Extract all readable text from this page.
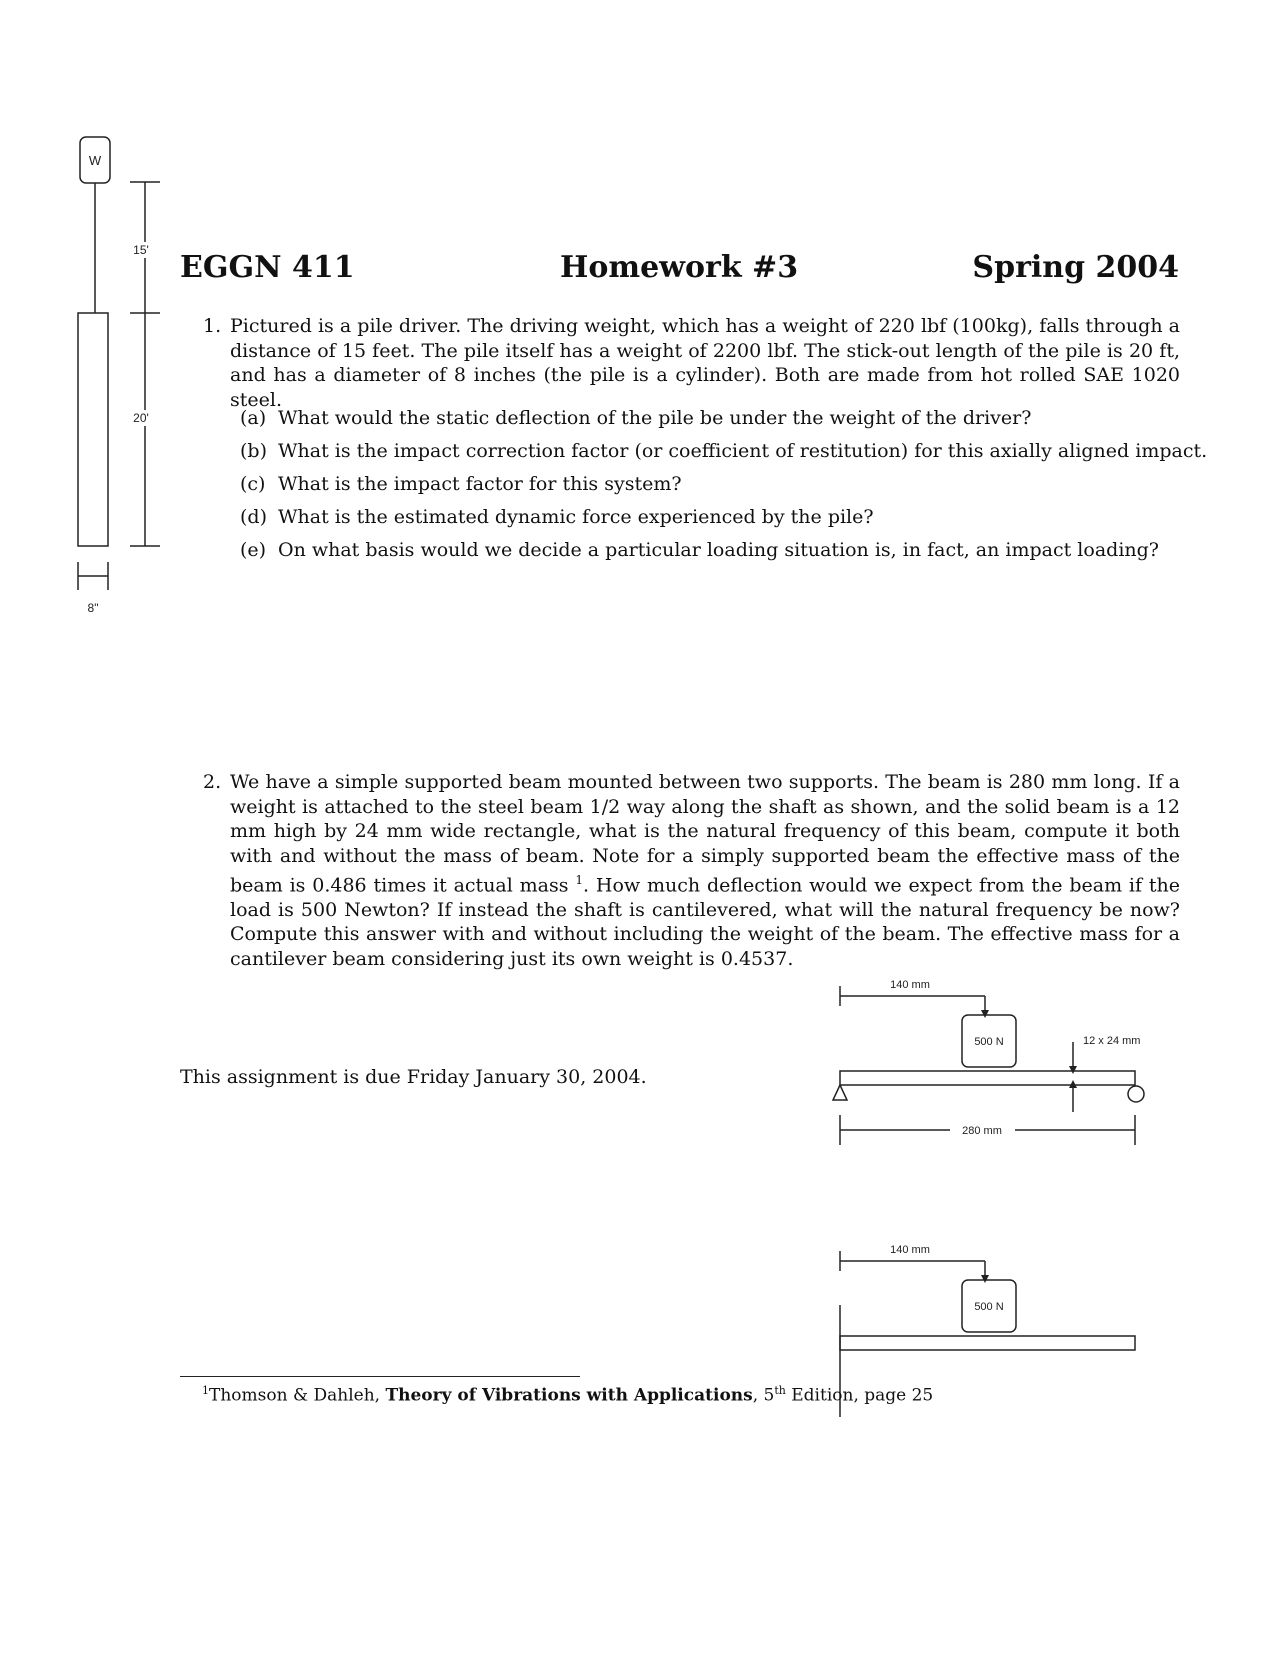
EGGN 411	Homework #3	Spring 2004
W
15'
20'
8"
1. Pictured is a pile driver. The driving weight, which has a weight of 220 lbf (100kg), falls through a distance of 15 feet. The pile itself has a weight of 2200 lbf. The stick-out length of the pile is 20 ft, and has a diameter of 8 inches (the pile is a cylinder). Both are made from hot rolled SAE 1020 steel.
(a) What would the static deflection of the pile be under the weight of the driver?
(b) What is the impact correction factor (or coefficient of restitution) for this axially aligned impact.
(c) What is the impact factor for this system?
(d) What is the estimated dynamic force experienced by the pile?
(e) On what basis would we decide a particular loading situation is, in fact, an impact loading?
2. We have a simple supported beam mounted between two supports. The beam is 280 mm long. If a weight is attached to the steel beam 1/2 way along the shaft as shown, and the solid beam is a 12 mm high by 24 mm wide rectangle, what is the natural frequency of this beam, compute it both with and without the mass of beam. Note for a simply supported beam the effective mass of the beam is 0.486 times it actual mass $^1$. How much deflection would we expect from the beam if the load is 500 Newton? If instead the shaft is cantilevered, what will the natural frequency be now? Compute this answer with and without including the weight of the beam. The effective mass for a cantilever beam considering just its own weight is 0.4537.
This assignment is due Friday January 30, 2004.
140 mm
500 N	12 x 24 mm
280 mm
140 mm
500 N
$^1$Thomson & Dahleh, Theory of Vibrations with Applications, 5th Edition, page 25
